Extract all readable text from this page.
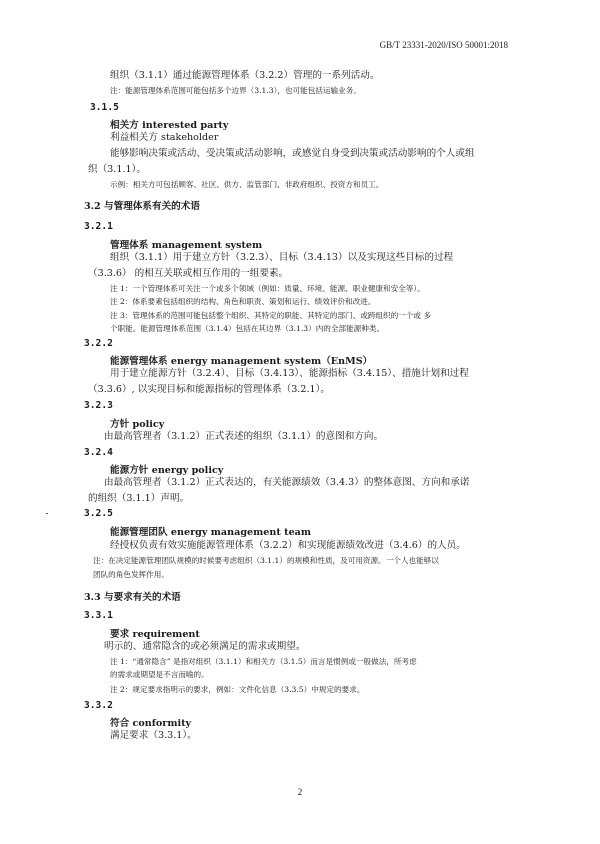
GB/T 23331-2020/ISO 50001:2018
组织（3.1.1）通过能源管理体系（3.2.2）管理的一系列活动。
注：能源管理体系范围可能包括多个边界（3.1.3），也可能包括运输业务。
3.1.5
相关方 interested party
利益相关方 stakeholder
能够影响决策或活动、受决策或活动影响，或感觉自身受到决策或活动影响的个人或组
织（3.1.1）。
示例：相关方可包括顾客、社区、供方、监管部门、非政府组织、投资方和员工。
3.2 与管理体系有关的术语
3.2.1
管理体系 management system
组织（3.1.1）用于建立方针（3.2.3）、目标（3.4.13）以及实现这些目标的过程
（3.3.6） 的相互关联或相互作用的一组要素。
注 1：一个管理体系可关注一个或多个领域（例如：质量、环境、能源、职业健康和安全等）。
注 2：体系要素包括组织的结构、角色和职责、策划和运行、绩效评价和改进。
注 3：管理体系的范围可能包括整个组织、其特定的职能、其特定的部门、或跨组织的一个或 多
个职能。能源管理体系范围（3.1.4）包括在其边界（3.1.3）内的全部能源种类。
3.2.2
能源管理体系 energy management system（EnMS）
用于建立能源方针（3.2.4）、目标（3.4.13）、能源指标（3.4.15）、措施计划和过程
（3.3.6）, 以实现目标和能源指标的管理体系（3.2.1）。
3.2.3
方针 policy
由最高管理者（3.1.2）正式表述的组织（3.1.1）的意图和方向。
3.2.4
能源方针 energy policy
由最高管理者（3.1.2）正式表达的，有关能源绩效（3.4.3）的整体意图、方向和承诺
的组织（3.1.1）声明。
3.2.5
能源管理团队 energy management team
经授权负责有效实施能源管理体系（3.2.2）和实现能源绩效改进（3.4.6）的人员。
注：在决定能源管理团队规模的时候要考虑组织（3.1.1）的规模和性质，及可用资源。一个人也能够以
团队的角色发挥作用。
3.3 与要求有关的术语
3.3.1
要求 requirement
明示的、通常隐含的或必须满足的需求或期望。
注 1：“通常隐含” 是指对组织（3.1.1）和相关方（3.1.5）而言是惯例或一般做法，所考虑
的需求或期望是不言而喻的。
注 2：规定要求指明示的要求，例如：文件化信息（3.3.5）中规定的要求。
3.3.2
符合 conformity
满足要求（3.3.1）。
2
